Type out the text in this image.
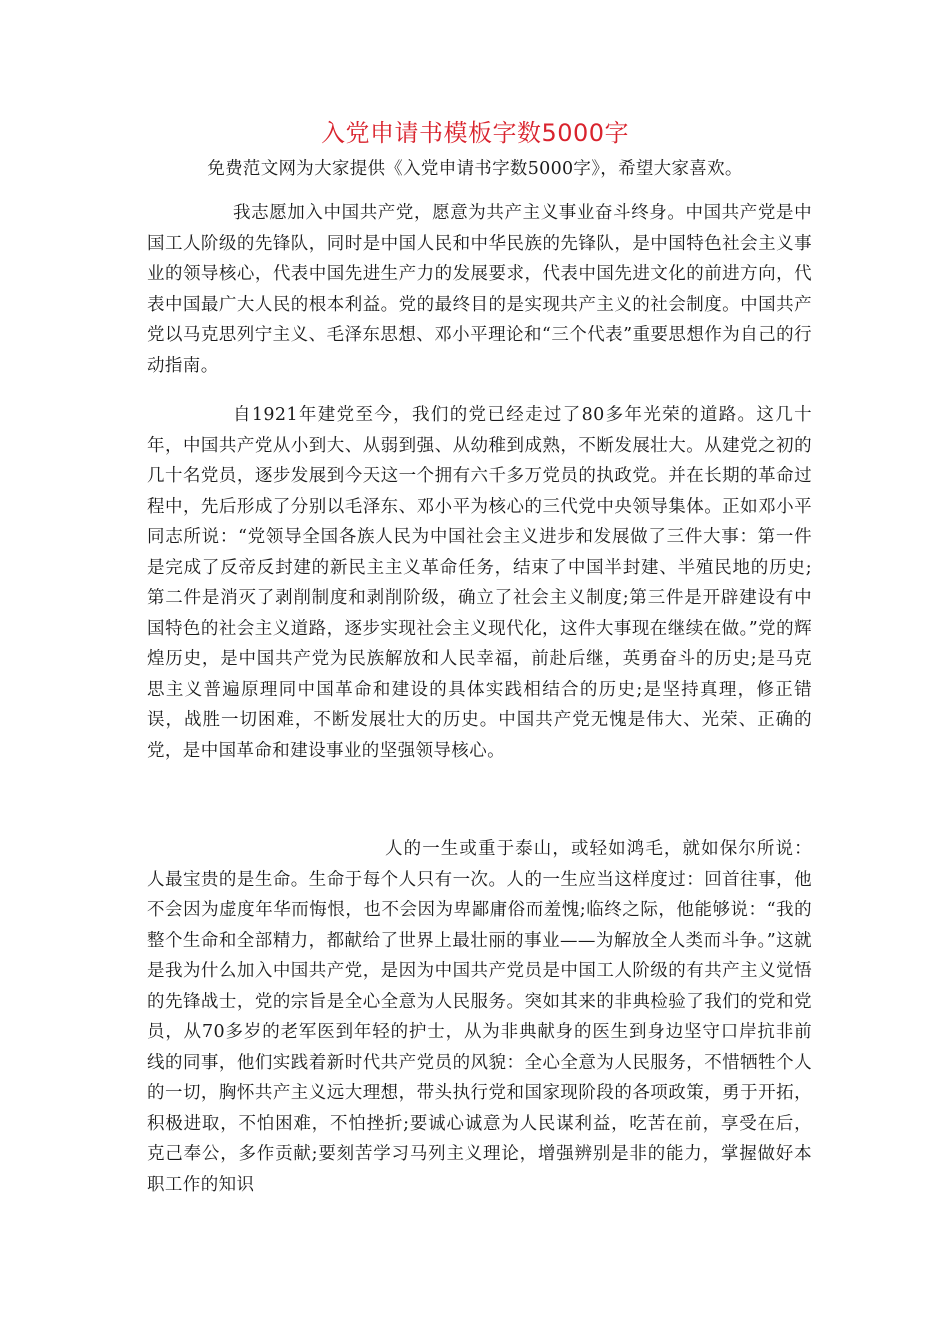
入党申请书模板字数5000字
免费范文网为大家提供《入党申请书字数5000字》，希望大家喜欢。

我志愿加入中国共产党，愿意为共产主义事业奋斗终身。中国共产党是中国工人阶级的先锋队，同时是中国人民和中华民族的先锋队，是中国特色社会主义事业的领导核心，代表中国先进生产力的发展要求，代表中国先进文化的前进方向，代表中国最广大人民的根本利益。党的最终目的是实现共产主义的社会制度。中国共产党以马克思列宁主义、毛泽东思想、邓小平理论和“三个代表”重要思想作为自己的行动指南。

自1921年建党至今，我们的党已经走过了80多年光荣的道路。这几十年，中国共产党从小到大、从弱到强、从幼稚到成熟，不断发展壮大。从建党之初的几十名党员，逐步发展到今天这一个拥有六千多万党员的执政党。并在长期的革命过程中，先后形成了分别以毛泽东、邓小平为核心的三代党中央领导集体。正如邓小平同志所说：“党领导全国各族人民为中国社会主义进步和发展做了三件大事：第一件是完成了反帝反封建的新民主主义革命任务，结束了中国半封建、半殖民地的历史;第二件是消灭了剥削制度和剥削阶级，确立了社会主义制度;第三件是开辟建设有中国特色的社会主义道路，逐步实现社会主义现代化，这件大事现在继续在做。”党的辉煌历史，是中国共产党为民族解放和人民幸福，前赴后继，英勇奋斗的历史;是马克思主义普遍原理同中国革命和建设的具体实践相结合的历史;是坚持真理，修正错误，战胜一切困难，不断发展壮大的历史。中国共产党无愧是伟大、光荣、正确的党，是中国革命和建设事业的坚强领导核心。

人的一生或重于泰山，或轻如鸿毛，就如保尔所说：人最宝贵的是生命。生命于每个人只有一次。人的一生应当这样度过：回首往事，他不会因为虚度年华而悔恨，也不会因为卑鄙庸俗而羞愧;临终之际，他能够说：“我的整个生命和全部精力，都献给了世界上最壮丽的事业——为解放全人类而斗争。”这就是我为什么加入中国共产党，是因为中国共产党员是中国工人阶级的有共产主义觉悟的先锋战士，党的宗旨是全心全意为人民服务。突如其来的非典检验了我们的党和党员，从70多岁的老军医到年轻的护士，从为非典献身的医生到身边坚守口岸抗非前线的同事，他们实践着新时代共产党员的风貌：全心全意为人民服务，不惜牺牲个人的一切，胸怀共产主义远大理想，带头执行党和国家现阶段的各项政策，勇于开拓，积极进取，不怕困难，不怕挫折;要诚心诚意为人民谋利益，吃苦在前，享受在后，克己奉公，多作贡献;要刻苦学习马列主义理论，增强辨别是非的能力，掌握做好本职工作的知识
